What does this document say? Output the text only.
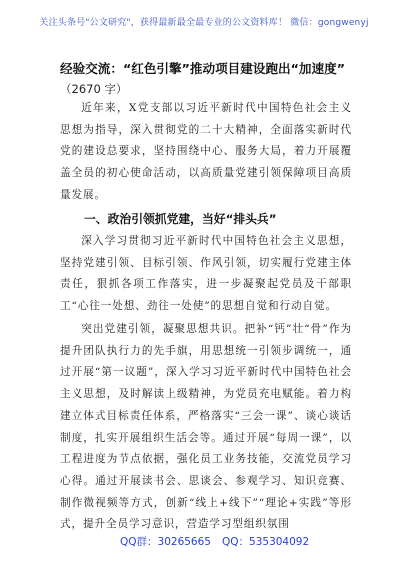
关注头条号"公文研究"，获得最新最全最专业的公文资料库！ 微信：gongwenyj
经验交流：“红色引擎”推动项目建设跑出“加速度”
（2670 字）

近年来，X党支部以习近平新时代中国特色社会主义思想为指导，深入贯彻党的二十大精神，全面落实新时代党的建设总要求，坚持围绕中心、服务大局，着力开展覆盖全员的初心使命活动，以高质量党建引领保障项目高质量发展。

一、政治引领抓党建，当好“排头兵”

深入学习贯彻习近平新时代中国特色社会主义思想，坚持党建引领、目标引领、作风引领，切实履行党建主体责任，狠抓各项工作落实，进一步凝聚起党员及干部职工“心往一处想、劲往一处使”的思想自觉和行动自觉。

突出党建引领，凝聚思想共识。把补“钙”壮“骨”作为提升团队执行力的先手旗，用思想统一引领步调统一，通过开展“第一议题”，深入学习习近平新时代中国特色社会主义思想，及时解读上级精神，为党员充电赋能。着力构建立体式目标责任体系，严格落实“三会一课”、谈心谈话制度，扎实开展组织生活会等。通过开展“每周一课”，以工程进度为节点依据，强化员工业务技能，交流党员学习心得。通过开展读书会、思谈会、参观学习、知识竞赛、制作微视频等方式，创新“线上+线下”“理论+实践”等形式，提升全员学习意识，营造学习型组织氛围

QQ群：30265665 QQ：535304092
